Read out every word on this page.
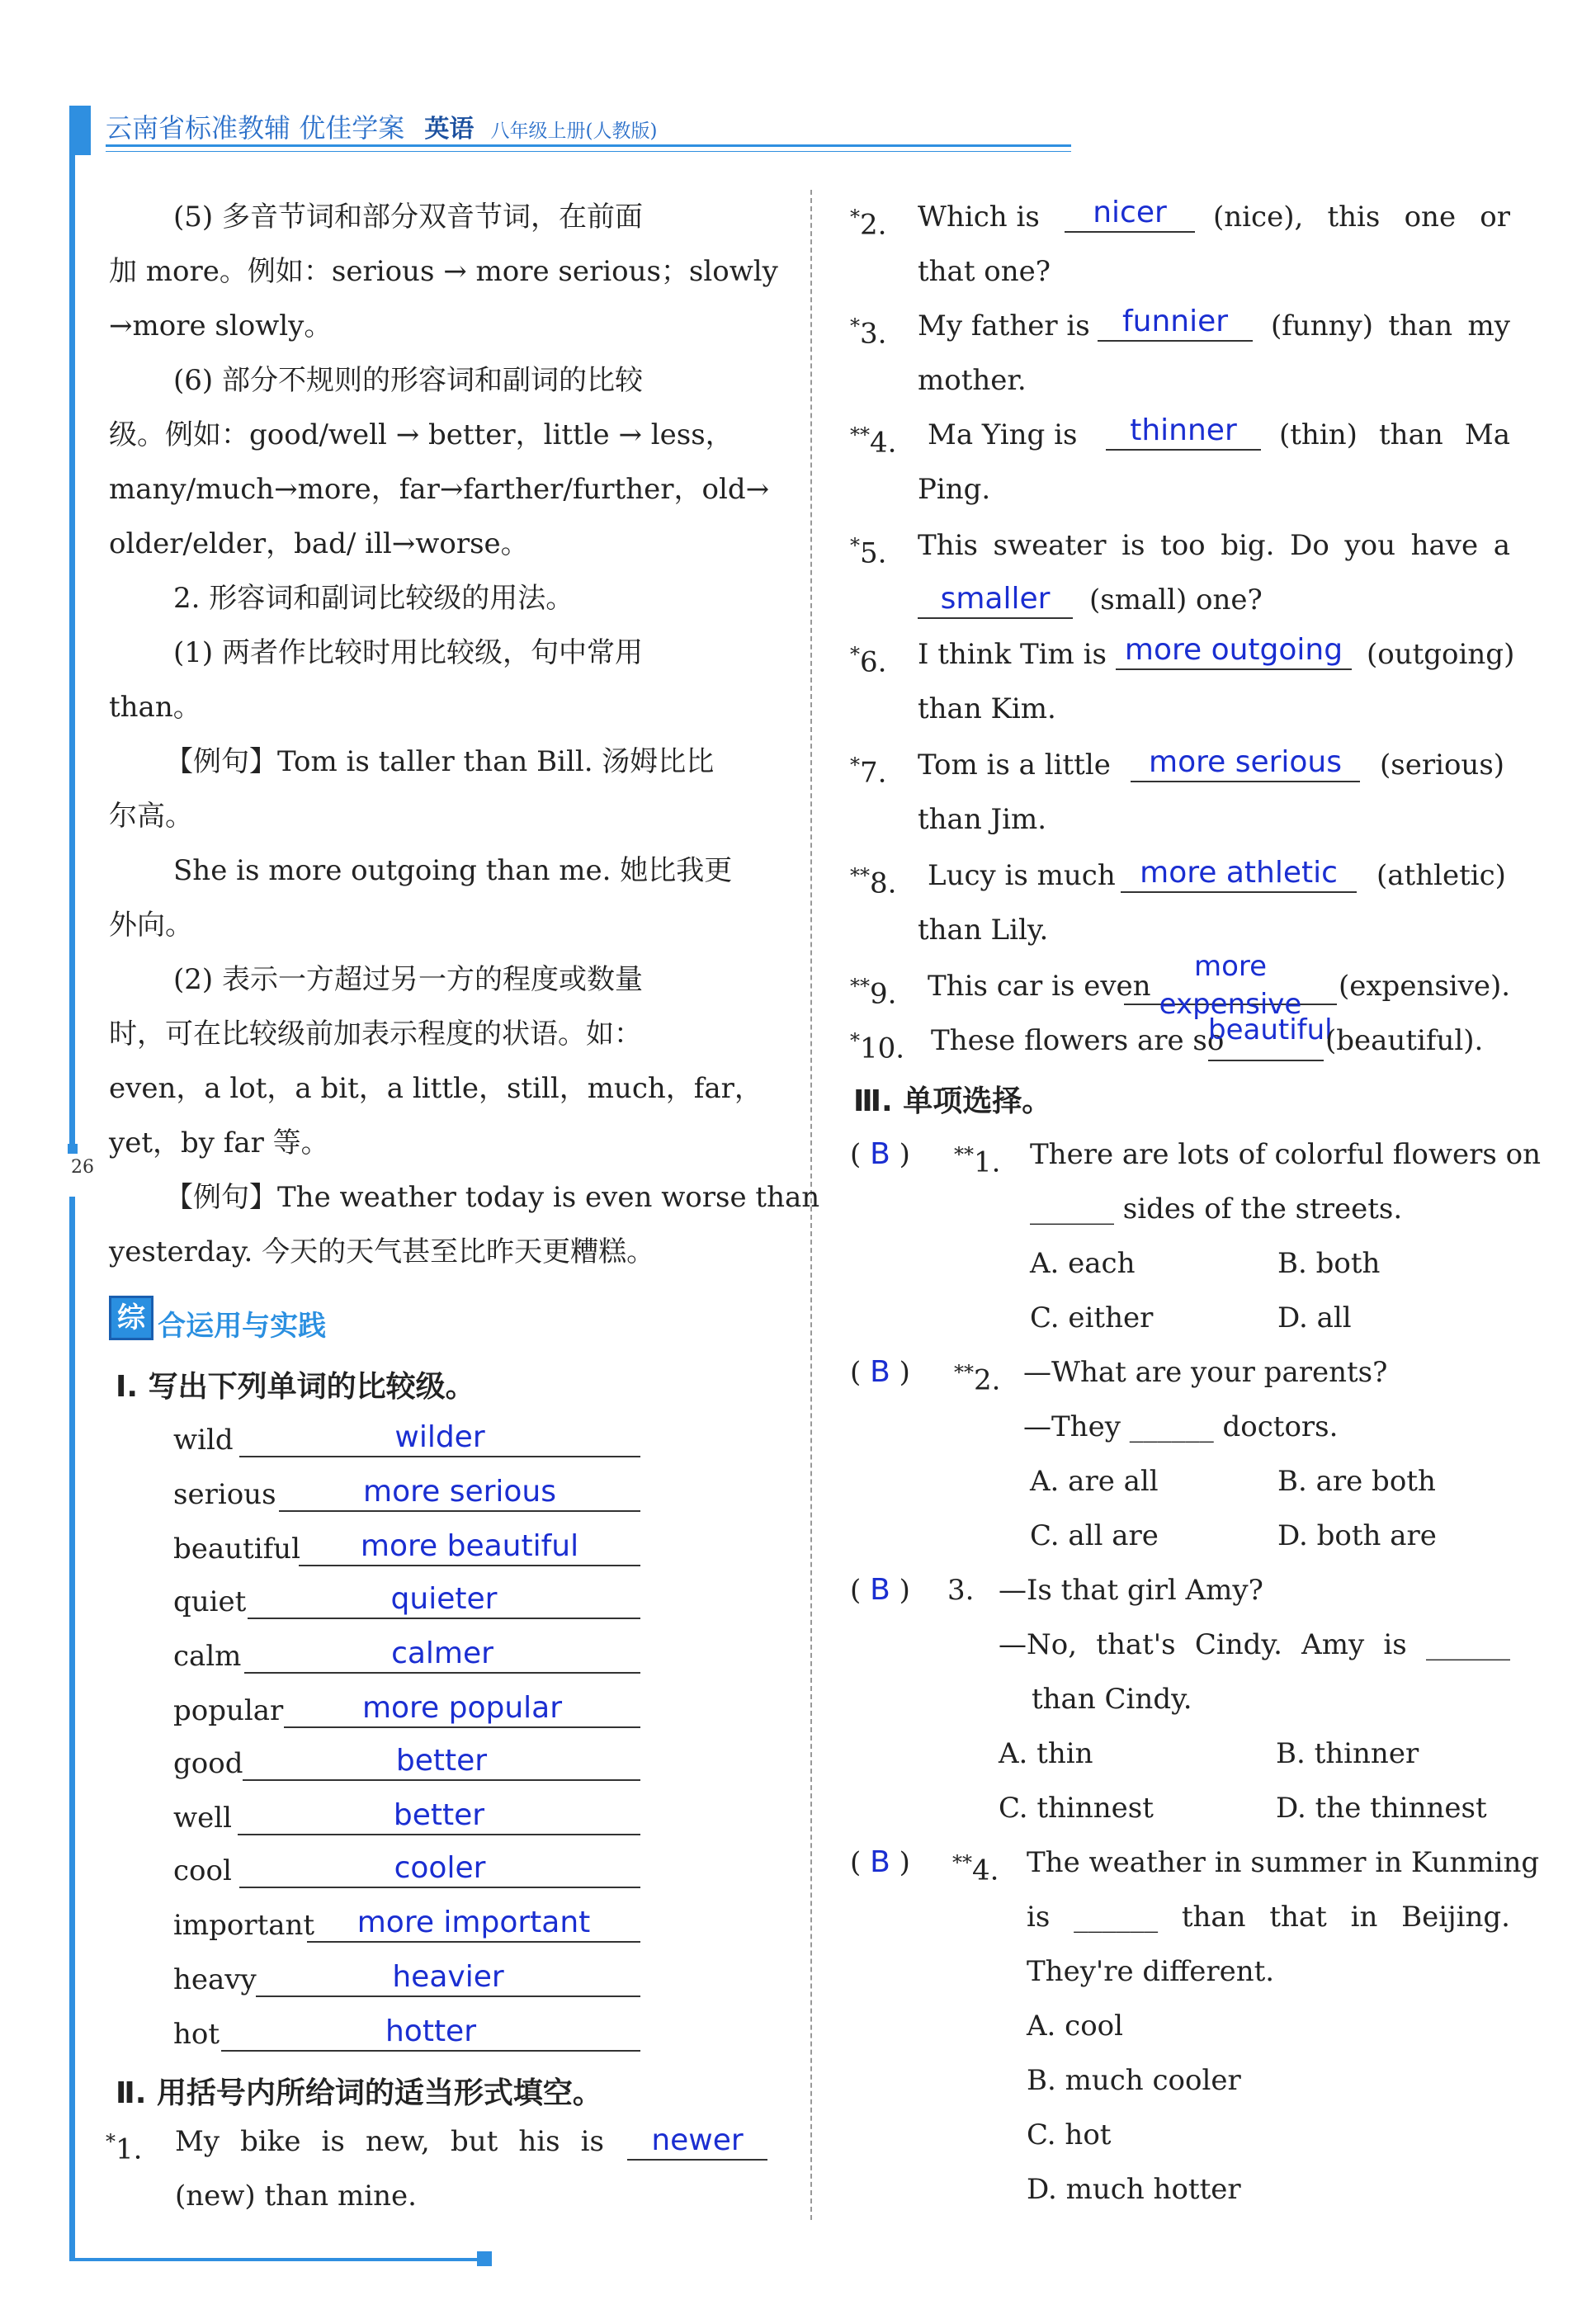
云南省标准教辅 优佳学案 英语 八年级上册(人教版)
26
(5) 多音节词和部分双音节词，在前面
加 more。例如：serious → more serious；slowly
→more slowly。
(6) 部分不规则的形容词和副词的比较
级。例如：good/well → better，little → less，
many/much→more，far→farther/further，old→
older/elder，bad/ ill→worse。
2. 形容词和副词比较级的用法。
(1) 两者作比较时用比较级，句中常用
than。
【例句】Tom is taller than Bill. 汤姆比比
尔高。
She is more outgoing than me. 她比我更
外向。
(2) 表示一方超过另一方的程度或数量
时，可在比较级前加表示程度的状语。如：
even，a lot，a bit，a little，still，much，far，
yet，by far 等。
【例句】The weather today is even worse than
yesterday. 今天的天气甚至比昨天更糟糕。
综 合运用与实践
Ⅰ. 写出下列单词的比较级。
wild	wilder
serious	more serious
beautiful	more beautiful
quiet	quieter
calm	calmer
popular	more popular
good	better
well	better
cool	cooler
important	more important
heavy	heavier
hot	hotter
Ⅱ. 用括号内所给词的适当形式填空。
*1. My bike is new, but his is	newer
(new) than mine.
*2. Which is	nicer	(nice), this one or
that one?
*3. My father is	funnier	(funny) than my
mother.
**4. Ma Ying is	thinner	(thin) than Ma
Ping.
*5. This sweater is too big. Do you have a
smaller	(small) one?
*6. I think Tim is more outgoing (outgoing)
than Kim.
*7. Tom is a little	more serious	(serious)
than Jim.
**8. Lucy is much more athletic	(athletic)
than Lily.
**9. This car is even
more expensive
(expensive).
*10. These flowers are so
beautiful
(beautiful).
Ⅲ. 单项选择。
( B ) **1. There are lots of colorful flowers on
______ sides of the streets.
A. each	B. both
C. either	D. all
( B ) **2. —What are your parents?
—They ______ doctors.
A. are all	B. are both
C. all are	D. both are
( B ) 3. —Is that girl Amy?
—No, that's Cindy. Amy is ______
than Cindy.
A. thin	B. thinner
C. thinnest	D. the thinnest
( B ) **4. The weather in summer in Kunming
is ______ than that in Beijing.
They're different.
A. cool
B. much cooler
C. hot
D. much hotter
